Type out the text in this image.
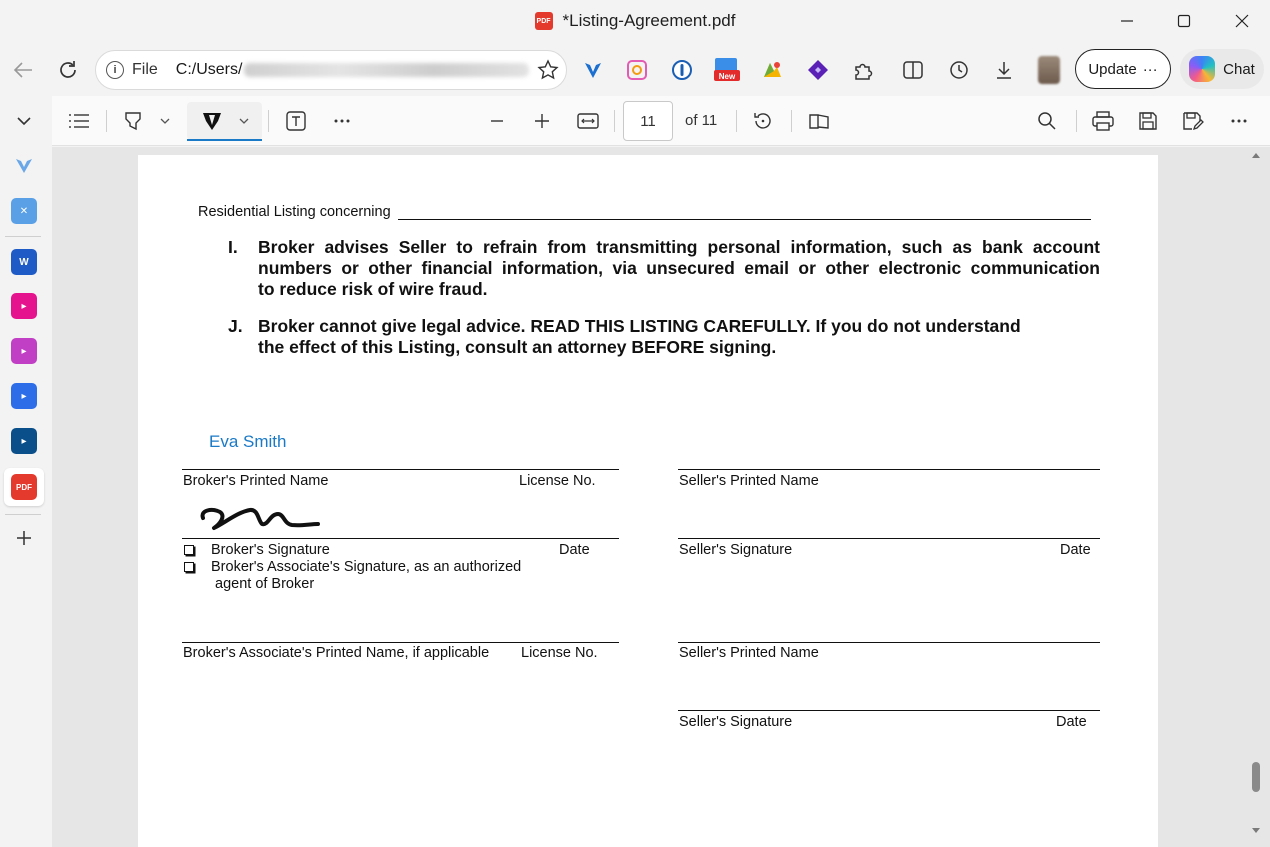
PDF *Listing-Agreement.pdf
i File C:/Users/	New	Update ···	Chat
✕
W
▸
▸
▸
▸
PDF
11	of 11
Residential Listing concerning
I. Broker advises Seller to refrain from transmitting personal information, such as bank account
numbers or other financial information, via unsecured email or other electronic communication
to reduce risk of wire fraud.
J. Broker cannot give legal advice. READ THIS LISTING CAREFULLY. If you do not understand
the effect of this Listing, consult an attorney BEFORE signing.
Eva Smith
Broker's Printed Name	License No.	Seller's Printed Name
Broker's Signature	Date	Seller's Signature	Date
Broker's Associate's Signature, as an authorized
agent of Broker
Broker's Associate's Printed Name, if applicable License No.	Seller's Printed Name
Seller's Signature	Date
